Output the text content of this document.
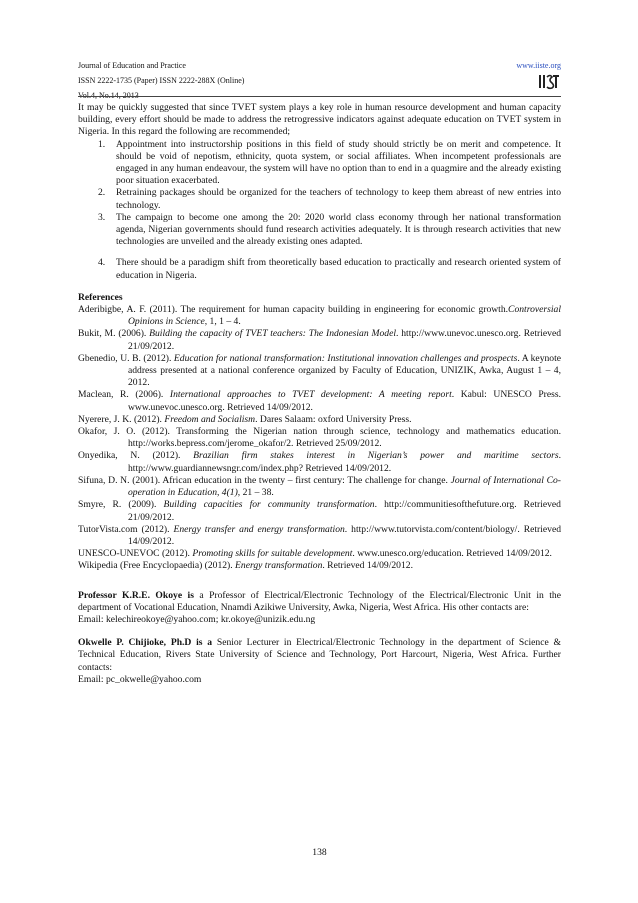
Journal of Education and Practice
ISSN 2222-1735 (Paper) ISSN 2222-288X (Online)
Vol.4, No.14, 2013
www.iiste.org

It may be quickly suggested that since TVET system plays a key role in human resource development and human capacity building, every effort should be made to address the retrogressive indicators against adequate education on TVET system in Nigeria. In this regard the following are recommended;

1. Appointment into instructorship positions in this field of study should strictly be on merit and competence. It should be void of nepotism, ethnicity, quota system, or social affiliates. When incompetent professionals are engaged in any human endeavour, the system will have no option than to end in a quagmire and the already existing poor situation exacerbated.
2. Retraining packages should be organized for the teachers of technology to keep them abreast of new entries into technology.
3. The campaign to become one among the 20: 2020 world class economy through her national transformation agenda, Nigerian governments should fund research activities adequately. It is through research activities that new technologies are unveiled and the already existing ones adapted.
4. There should be a paradigm shift from theoretically based education to practically and research oriented system of education in Nigeria.
References
Aderibigbe, A. F. (2011). The requirement for human capacity building in engineering for economic growth.Controversial Opinions in Science, 1, 1 – 4.
Bukit, M. (2006). Building the capacity of TVET teachers: The Indonesian Model. http://www.unevoc.unesco.org. Retrieved 21/09/2012.
Gbenedio, U. B. (2012). Education for national transformation: Institutional innovation challenges and prospects. A keynote address presented at a national conference organized by Faculty of Education, UNIZIK, Awka, August 1 – 4, 2012.
Maclean, R. (2006). International approaches to TVET development: A meeting report. Kabul: UNESCO Press. www.unevoc.unesco.org. Retrieved 14/09/2012.
Nyerere, J. K. (2012). Freedom and Socialism. Dares Salaam: oxford University Press.
Okafor, J. O. (2012). Transforming the Nigerian nation through science, technology and mathematics education. http://works.bepress.com/jerome_okafor/2. Retrieved 25/09/2012.
Onyedika, N. (2012). Brazilian firm stakes interest in Nigerian’s power and maritime sectors. http://www.guardiannewsngr.com/index.php? Retrieved 14/09/2012.
Sifuna, D. N. (2001). African education in the twenty – first century: The challenge for change. Journal of International Co-operation in Education, 4(1), 21 – 38.
Smyre, R. (2009). Building capacities for community transformation. http://communitiesofthefuture.org. Retrieved 21/09/2012.
TutorVista.com (2012). Energy transfer and energy transformation. http://www.tutorvista.com/content/biology/. Retrieved 14/09/2012.
UNESCO-UNEVOC (2012). Promoting skills for suitable development. www.unesco.org/education. Retrieved 14/09/2012.
Wikipedia (Free Encyclopaedia) (2012). Energy transformation. Retrieved 14/09/2012.
Professor K.R.E. Okoye is a Professor of Electrical/Electronic Technology of the Electrical/Electronic Unit in the department of Vocational Education, Nnamdi Azikiwe University, Awka, Nigeria, West Africa. His other contacts are:
Email: kelechireokoye@yahoo.com; kr.okoye@unizik.edu.ng
Okwelle P. Chijioke, Ph.D is a Senior Lecturer in Electrical/Electronic Technology in the department of Science & Technical Education, Rivers State University of Science and Technology, Port Harcourt, Nigeria, West Africa. Further contacts:
Email: pc_okwelle@yahoo.com
138
